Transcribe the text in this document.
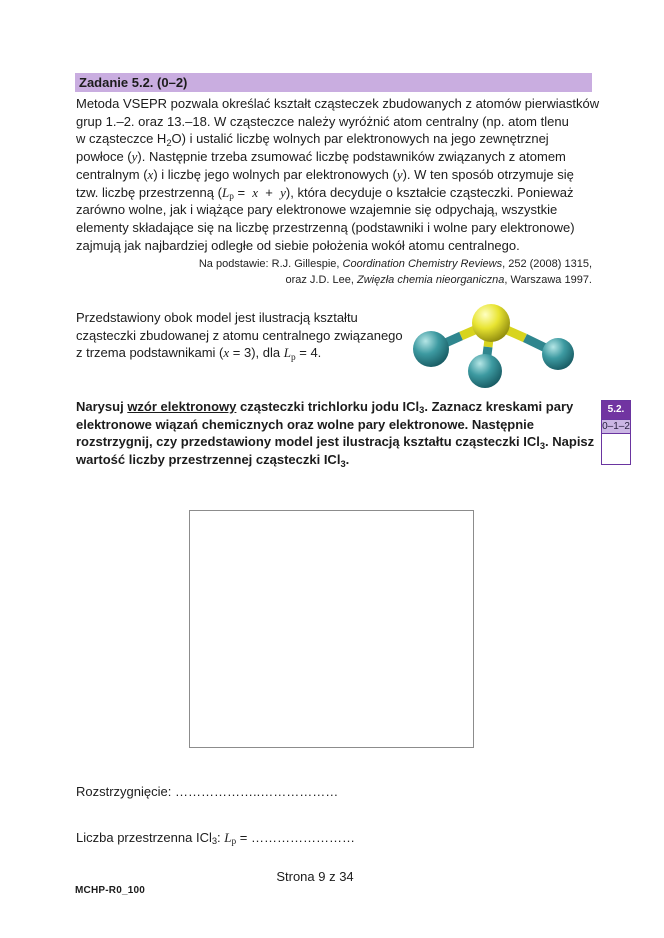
Zadanie 5.2. (0–2)
Metoda VSEPR pozwala określać kształt cząsteczek zbudowanych z atomów pierwiastków
grup 1.–2. oraz 13.–18. W cząsteczce należy wyróżnić atom centralny (np. atom tlenu
w cząsteczce H2O) i ustalić liczbę wolnych par elektronowych na jego zewnętrznej
powłoce (y). Następnie trzeba zsumować liczbę podstawników związanych z atomem
centralnym (x) i liczbę jego wolnych par elektronowych (y). W ten sposób otrzymuje się
tzw. liczbę przestrzenną (Lp =  x  +  y), która decyduje o kształcie cząsteczki. Ponieważ
zarówno wolne, jak i wiążące pary elektronowe wzajemnie się odpychają, wszystkie
elementy składające się na liczbę przestrzenną (podstawniki i wolne pary elektronowe)
zajmują jak najbardziej odległe od siebie położenia wokół atomu centralnego.
Na podstawie: R.J. Gillespie, Coordination Chemistry Reviews, 252 (2008) 1315,
oraz J.D. Lee, Zwięzła chemia nieorganiczna, Warszawa 1997.
Przedstawiony obok model jest ilustracją kształtu
cząsteczki zbudowanej z atomu centralnego związanego
z trzema podstawnikami (x = 3), dla Lp = 4.
Narysuj wzór elektronowy cząsteczki trichlorku jodu ICl3. Zaznacz kreskami pary
elektronowe wiązań chemicznych oraz wolne pary elektronowe. Następnie
rozstrzygnij, czy przedstawiony model jest ilustracją kształtu cząsteczki ICl3. Napisz
wartość liczby przestrzennej cząsteczki ICl3.
5.2.
0–1–2
Rozstrzygnięcie: ………………..………………
Liczba przestrzenna ICl3: Lp = ……………………
Strona 9 z 34
MCHP-R0_100
